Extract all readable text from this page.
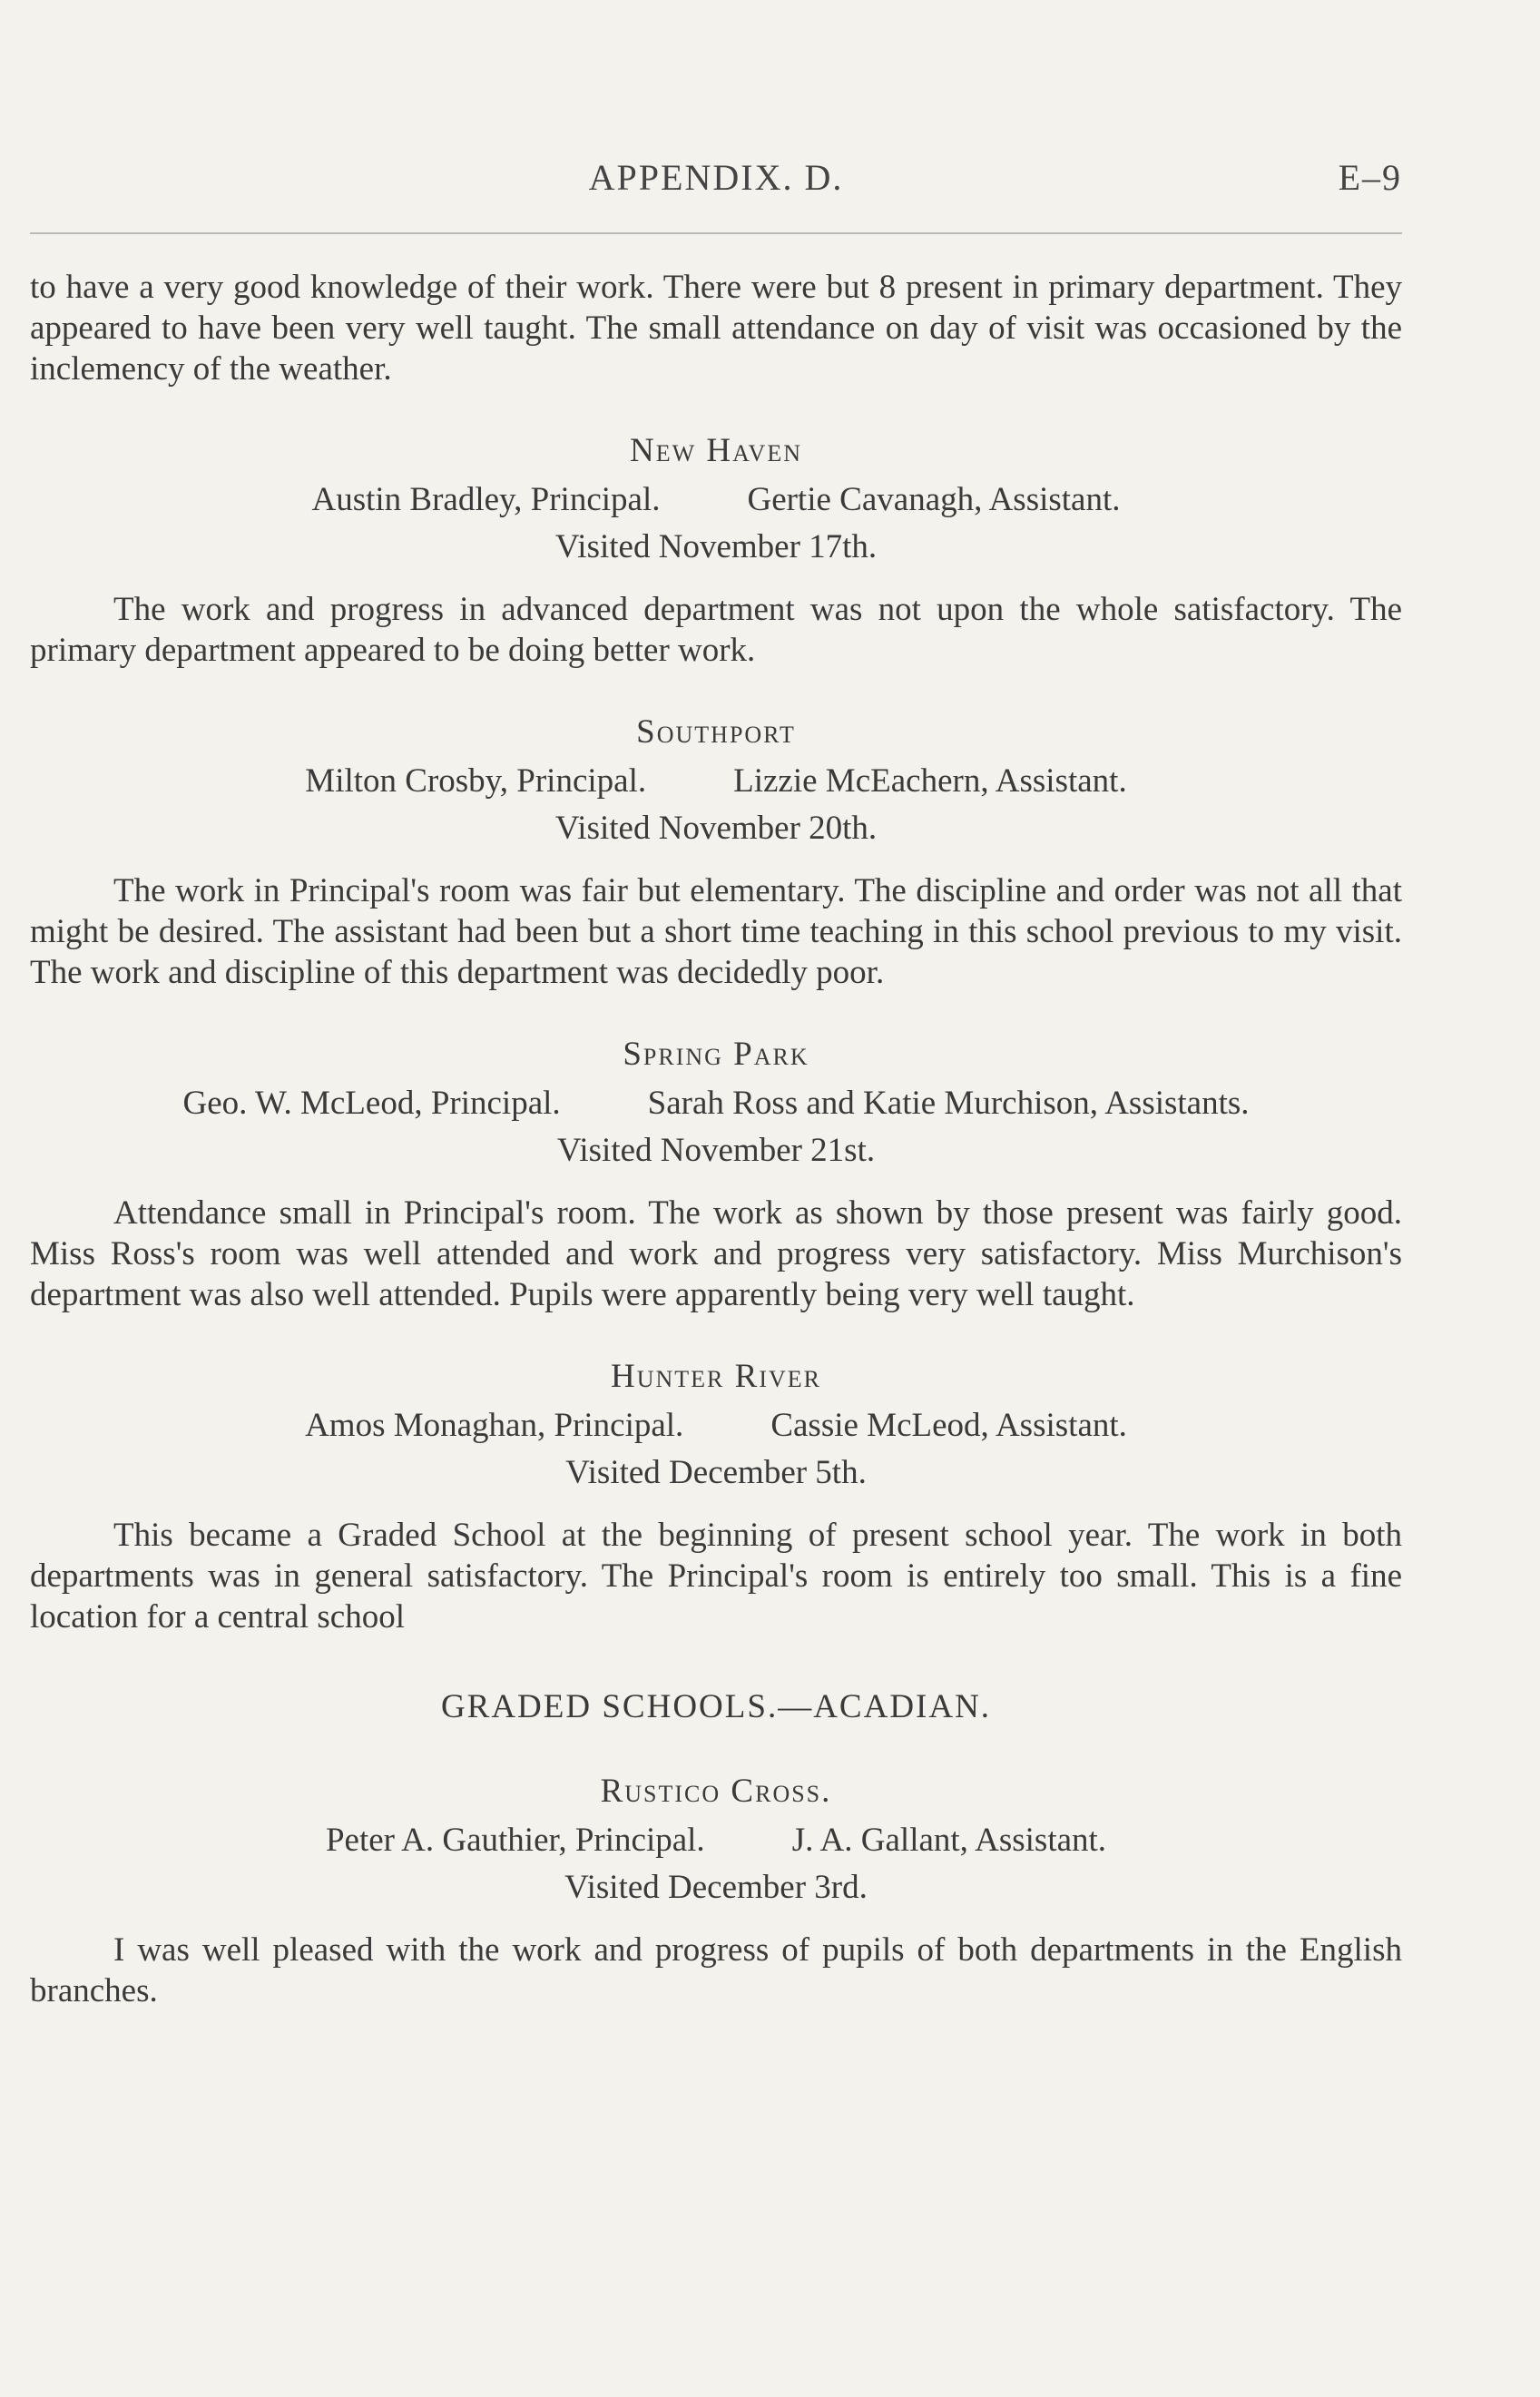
APPENDIX. D.	E–9

to have a very good knowledge of their work. There were but 8 present in primary department. They appeared to have been very well taught. The small attendance on day of visit was occasioned by the inclemency of the weather.

New Haven
Austin Bradley, Principal.	Gertie Cavanagh, Assistant.
Visited November 17th.

The work and progress in advanced department was not upon the whole satisfactory. The primary department appeared to be doing better work.

Southport
Milton Crosby, Principal.	Lizzie McEachern, Assistant.
Visited November 20th.

The work in Principal's room was fair but elementary. The discipline and order was not all that might be desired. The assistant had been but a short time teaching in this school previous to my visit. The work and discipline of this department was decidedly poor.

Spring Park
Geo. W. McLeod, Principal.	Sarah Ross and Katie Murchison, Assistants.
Visited November 21st.

Attendance small in Principal's room. The work as shown by those present was fairly good. Miss Ross's room was well attended and work and progress very satisfactory. Miss Murchison's department was also well attended. Pupils were apparently being very well taught.

Hunter River
Amos Monaghan, Principal.	Cassie McLeod, Assistant.
Visited December 5th.

This became a Graded School at the beginning of present school year. The work in both departments was in general satisfactory. The Principal's room is entirely too small. This is a fine location for a central school

GRADED SCHOOLS.—ACADIAN.
Rustico Cross.
Peter A. Gauthier, Principal.	J. A. Gallant, Assistant.
Visited December 3rd.

I was well pleased with the work and progress of pupils of both departments in the English branches.
